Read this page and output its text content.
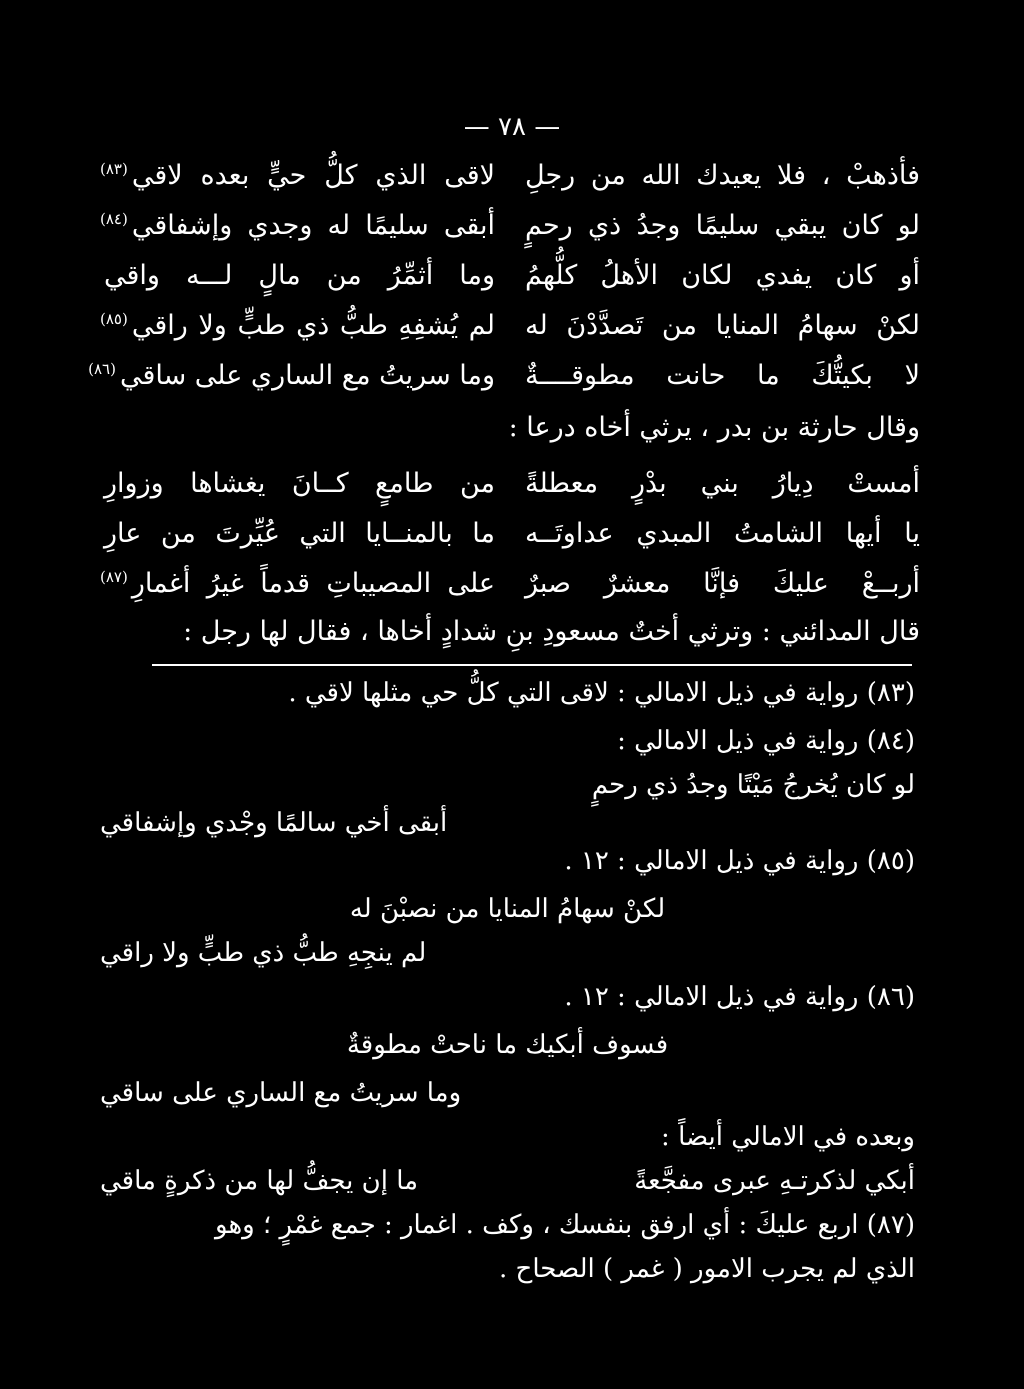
— ٧٨ —
فأذهبْ ، فلا يعيدك الله من رجلِ
لاقى الذي كلُّ حيٍّ بعده لاقي$^{(٨٣)}$
لو كان يبقي سليمًا وجدُ ذي رحمٍ
أبقى سليمًا له وجدي وإشفاقي$^{(٨٤)}$
أو كان يفدي لكان الأهلُ كلُّهمُ
وما أثمِّرُ من مالٍ لـــه واقي
لكنْ سهامُ المنايا من تَصدَّدْنَ له
لم يُشفِهِ طبُّ ذي طبٍّ ولا راقي$^{(٨٥)}$
لا بكيتُّكَ ما حانت مطوقــــةٌ
وما سريتُ مع الساري على ساقي$^{(٨٦)}$
وقال حارثة بن بدر ، يرثي أخاه درعا :
أمستْ دِيارُ بني بدْرٍ معطلةً
من طامعٍ كــانَ يغشاها وزوارِ
يا أيها الشامتُ المبدي عداوتَــه
ما بالمنــايا التي عُيِّرتَ من عارِ
أربــعْ عليكَ فإنَّا معشرٌ صبرٌ
على المصيباتِ قدماً غيرُ أغمارِ$^{(٨٧)}$
قال المدائني : وترثي أختٌ مسعودِ بنِ شدادٍ أخاها ، فقال لها رجل :
(٨٣) رواية في ذيل الامالي : لاقى التي كلُّ حي مثلها لاقي .
(٨٤) رواية في ذيل الامالي :
لو كان يُخرجُ مَيْتًا وجدُ ذي رحمٍ
أبقى أخي سالمًا وجْدي وإشفاقي
(٨٥) رواية في ذيل الامالي : ١٢ .
لكنْ سهامُ المنايا من نصبْنَ له
لم ينجِهِ طبُّ ذي طبٍّ ولا راقي
(٨٦) رواية في ذيل الامالي : ١٢ .
فسوف أبكيك ما ناحتْ مطوقةٌ
وما سريتُ مع الساري على ساقي
وبعده في الامالي أيضاً :
أبكي لذكرتـهِ عبرى مفجَّعةً
ما إن يجفُّ لها من ذكرةٍ ماقي
(٨٧) اربع عليكَ : أي ارفق بنفسك ، وكف . اغمار : جمع غمْرٍ ؛ وهو
الذي لم يجرب الامور ( غمر ) الصحاح .
